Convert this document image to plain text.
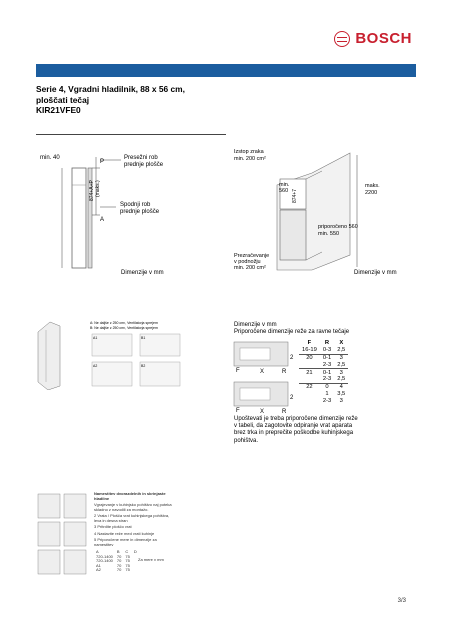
BOSCH
Serie 4, Vgradni hladilnik, 88 x 56 cm,
ploščati tečaj
KIR21VFE0
min. 40
P
A
Presežni rob
prednje plošče
Spodnji rob
prednje plošče
874+A+P (maks.)
Dimenzije v mm
Izstop zraka
min. 200 cm²
min.
560 874+7
maks.
2200
priporočeno 560
min. 550
Prezračevanje
v podnožju
min. 200 cm²
Dimenzije v mm
A: Ne daljše z 250 cm², Ventilatorja sprejem
B: Ne daljše z 250 cm², Ventilatorja sprejem
A1
A2
B1
B2
Dimenzije v mm
Priporočene dimenzije reže za ravne tečaje
F	X	R
2
F	X	R
2
F	R	X
16-19	0-3	2,5
20	0-1	3
	2-3	2,5
21	0-1	3
	2-3	2,5
22	0	4
	1	3,5
	2-3	3
Upoštevati je treba priporočene dimenzije reže v tabeli, da zagotovite odpiranje vrat aparata brez trka in preprečite poškodbe kuhinjskega pohištva.
Namestitev dvorazdelnih in skrinjaste hladilne
Vgrajevanje v kuhinjsko pohištvo naj poteka skladno z navodili za montažo.
2 Vrata / Plošča vrat kuhinjskega pohištva, leva in desna stran
3 Pritrdite ploščo vrat
4 Nastavite reže med vrati kuhinje
5 Priporočene mere in dimenzije za namestitev
A	B	C	D
720-1400	70	75	
720-1400	70	75	
A1	70	75	
A2	70	75	
Za mere v mm
3/3
